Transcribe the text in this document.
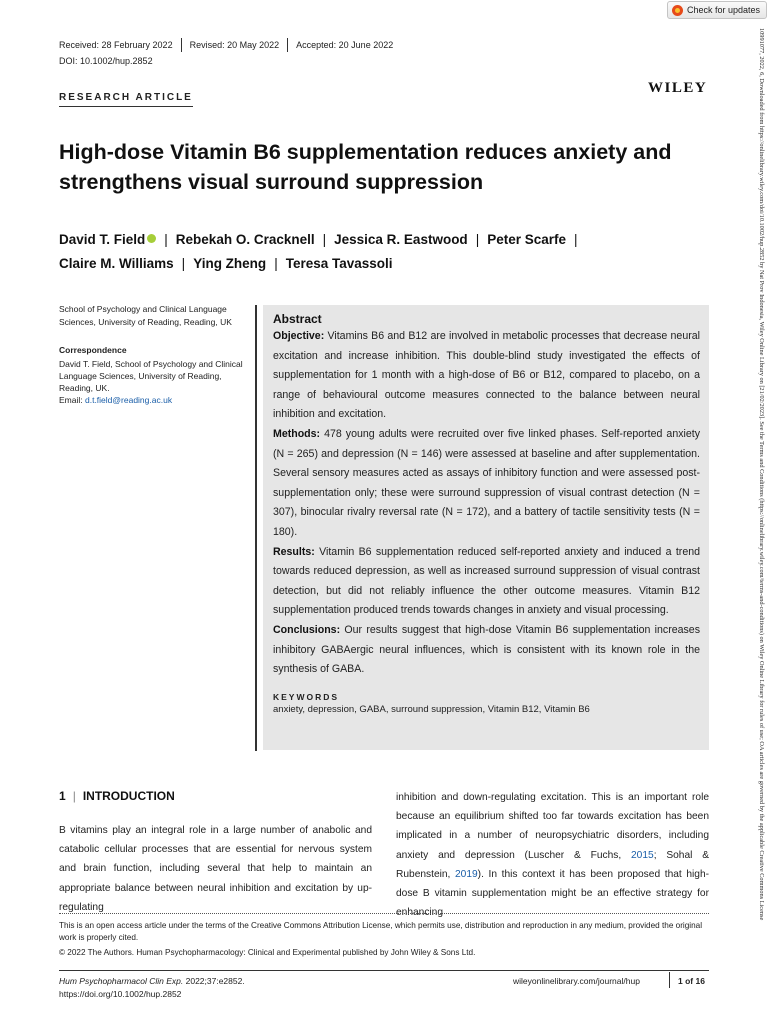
Check for updates
Received: 28 February 2022 Revised: 20 May 2022 Accepted: 20 June 2022
DOI: 10.1002/hup.2852
RESEARCH ARTICLE
WILEY
High-dose Vitamin B6 supplementation reduces anxiety and strengthens visual surround suppression
David T. Field | Rebekah O. Cracknell | Jessica R. Eastwood | Peter Scarfe |
Claire M. Williams | Ying Zheng | Teresa Tavassoli
School of Psychology and Clinical Language Sciences, University of Reading, Reading, UK
Correspondence
David T. Field, School of Psychology and Clinical Language Sciences, University of Reading, Reading, UK.
Email: d.t.field@reading.ac.uk
Abstract

Objective: Vitamins B6 and B12 are involved in metabolic processes that decrease neural excitation and increase inhibition. This double-blind study investigated the effects of supplementation for 1 month with a high-dose of B6 or B12, compared to placebo, on a range of behavioural outcome measures connected to the balance between neural inhibition and excitation.

Methods: 478 young adults were recruited over five linked phases. Self-reported anxiety (N = 265) and depression (N = 146) were assessed at baseline and after supplementation. Several sensory measures acted as assays of inhibitory function and were assessed post-supplementation only; these were surround suppression of visual contrast detection (N = 307), binocular rivalry reversal rate (N = 172), and a battery of tactile sensitivity tests (N = 180).

Results: Vitamin B6 supplementation reduced self-reported anxiety and induced a trend towards reduced depression, as well as increased surround suppression of visual contrast detection, but did not reliably influence the other outcome measures. Vitamin B12 supplementation produced trends towards changes in anxiety and visual processing.

Conclusions: Our results suggest that high-dose Vitamin B6 supplementation increases inhibitory GABAergic neural influences, which is consistent with its known role in the synthesis of GABA.

KEYWORDS
anxiety, depression, GABA, surround suppression, Vitamin B12, Vitamin B6
1 | INTRODUCTION

B vitamins play an integral role in a large number of anabolic and catabolic cellular processes that are essential for nervous system and brain function, including several that help to maintain an appropriate balance between neural inhibition and excitation by up-regulating

inhibition and down-regulating excitation. This is an important role because an equilibrium shifted too far towards excitation has been implicated in a number of neuropsychiatric disorders, including anxiety and depression (Luscher & Fuchs, 2015; Sohal & Rubenstein, 2019). In this context it has been proposed that high-dose B vitamin supplementation might be an effective strategy for enhancing

This is an open access article under the terms of the Creative Commons Attribution License, which permits use, distribution and reproduction in any medium, provided the original work is properly cited.
© 2022 The Authors. Human Psychopharmacology: Clinical and Experimental published by John Wiley & Sons Ltd.
Hum Psychopharmacol Clin Exp. 2022;37:e2852.
https://doi.org/10.1002/hup.2852
wileyonlinelibrary.com/journal/hup	1 of 16
10991077, 2022, 6, Downloaded from https://onlinelibrary.wiley.com/doi/10.1002/hup.2852 by Nat Prov Indonesia, Wiley Online Library on [21/02/2023]. See the Terms and Conditions (https://onlinelibrary.wiley.com/terms-and-conditions) on Wiley Online Library for rules of use; OA articles are governed by the applicable Creative Commons License
